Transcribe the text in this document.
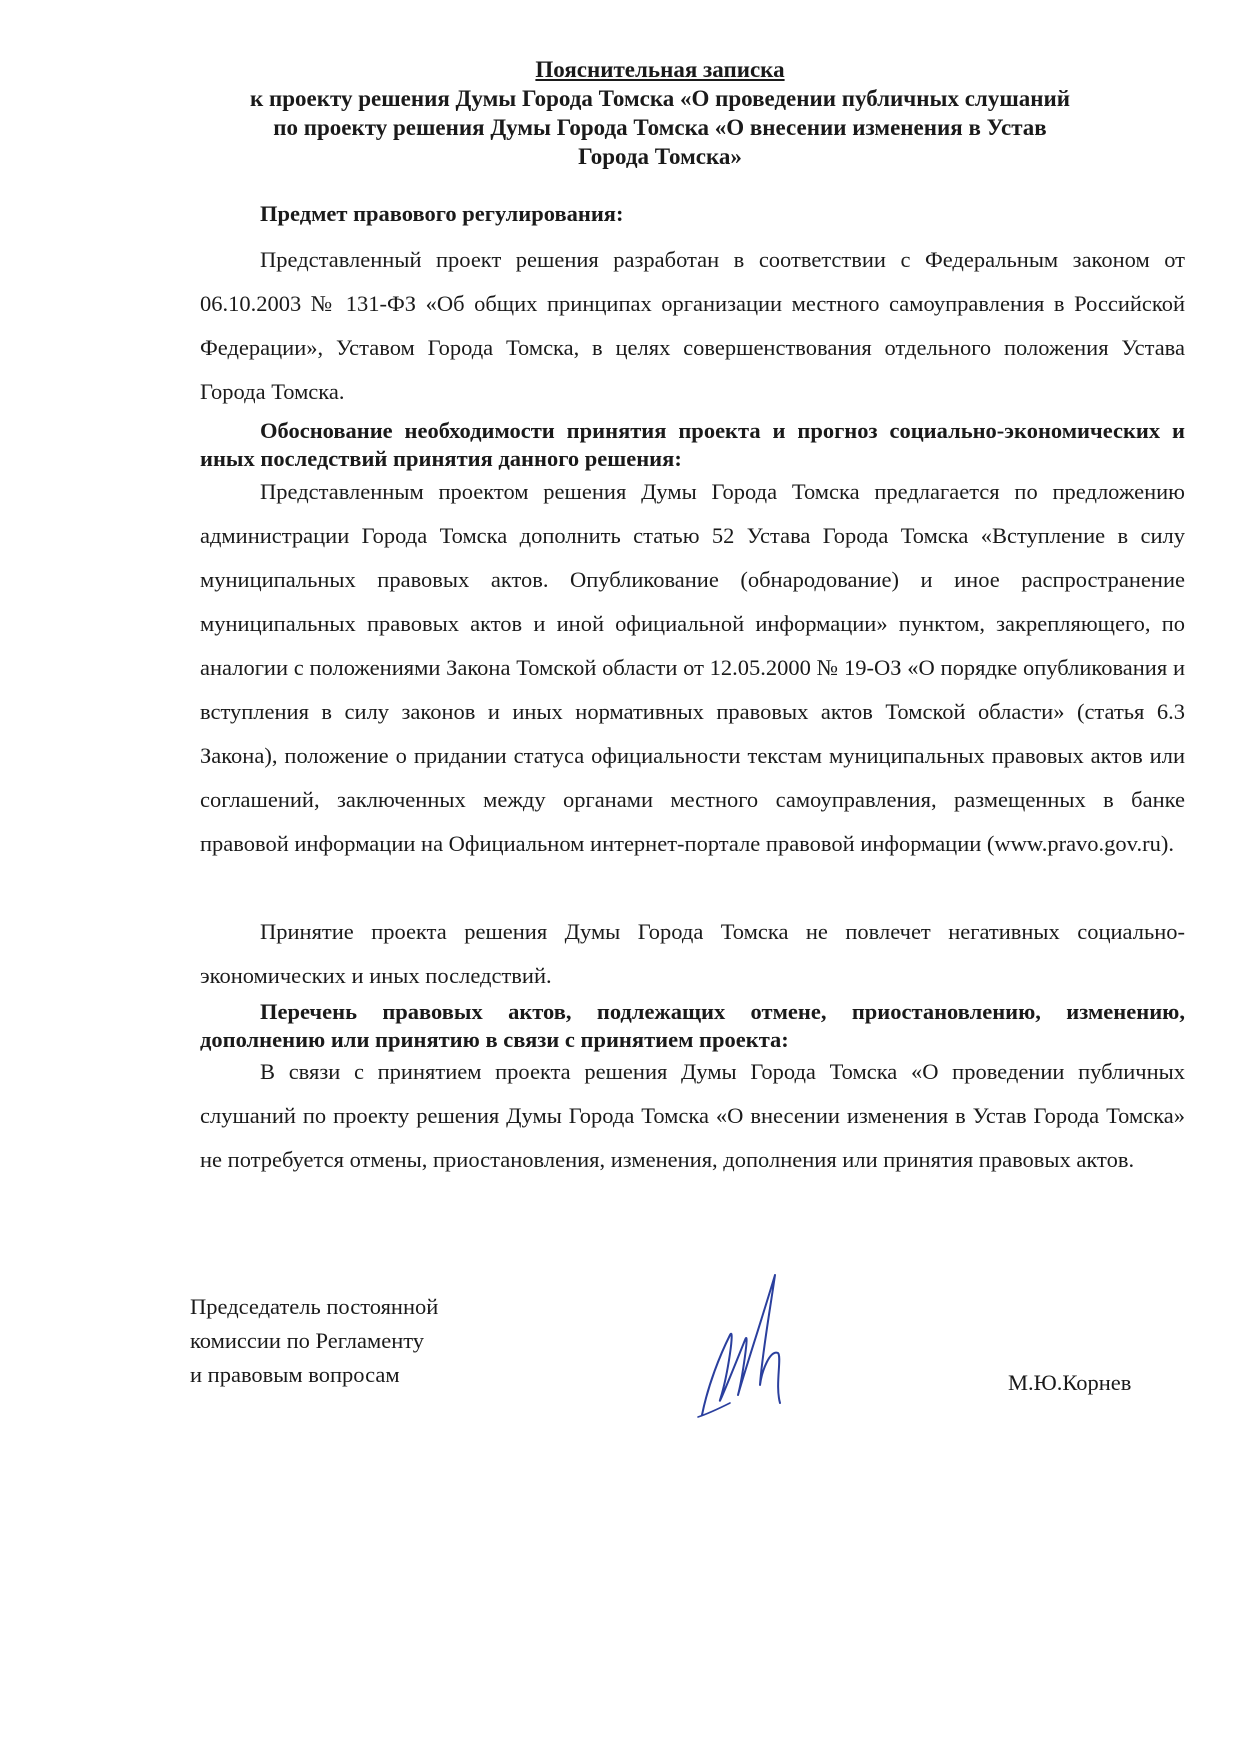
Пояснительная записка
к проекту решения Думы Города Томска «О проведении публичных слушаний
по проекту решения Думы Города Томска «О внесении изменения в Устав
Города Томска»
Предмет правового регулирования:
Представленный проект решения разработан в соответствии с Федеральным законом от 06.10.2003 № 131-ФЗ «Об общих принципах организации местного самоуправления в Российской Федерации», Уставом Города Томска, в целях совершенствования отдельного положения Устава Города Томска.
Обоснование необходимости принятия проекта и прогноз социально-экономических и иных последствий принятия данного решения:
Представленным проектом решения Думы Города Томска предлагается по предложению администрации Города Томска дополнить статью 52 Устава Города Томска «Вступление в силу муниципальных правовых актов. Опубликование (обнародование) и иное распространение муниципальных правовых актов и иной официальной информации» пунктом, закрепляющего, по аналогии с положениями Закона Томской области от 12.05.2000 № 19-ОЗ «О порядке опубликования и вступления в силу законов и иных нормативных правовых актов Томской области» (статья 6.3 Закона), положение о придании статуса официальности текстам муниципальных правовых актов или соглашений, заключенных между органами местного самоуправления, размещенных в банке правовой информации на Официальном интернет-портале правовой информации (www.pravo.gov.ru).
Принятие проекта решения Думы Города Томска не повлечет негативных социально-экономических и иных последствий.
Перечень правовых актов, подлежащих отмене, приостановлению, изменению, дополнению или принятию в связи с принятием проекта:
В связи с принятием проекта решения Думы Города Томска «О проведении публичных слушаний по проекту решения Думы Города Томска «О внесении изменения в Устав Города Томска» не потребуется отмены, приостановления, изменения, дополнения или принятия правовых актов.
Председатель постоянной
комиссии по Регламенту
и правовым вопросам	М.Ю.Корнев
